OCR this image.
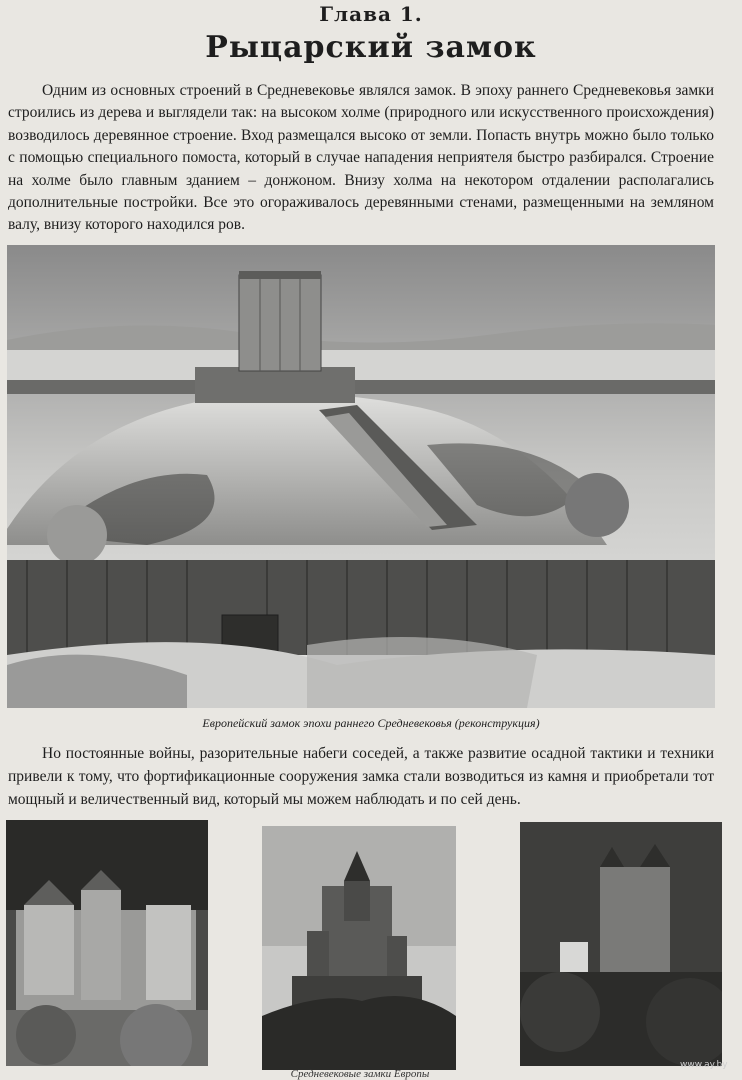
Глава 1.
Рыцарский замок

Одним из основных строений в Средневековье являлся замок. В эпоху раннего Средневековья замки строились из дерева и выглядели так: на высоком холме (природного или искусственного происхождения) возводилось деревянное строение. Вход размещался высоко от земли. Попасть внутрь можно было только с помощью специального помоста, который в случае нападения неприятеля быстро разбирался. Строение на холме было главным зданием – донжоном. Внизу холма на некотором отдалении располагались дополнительные постройки. Все это огораживалось деревянными стенами, размещенными на земляном валу, внизу которого находился ров.

Европейский замок эпохи раннего Средневековья (реконструкция)

Но постоянные войны, разорительные набеги соседей, а также развитие осадной тактики и техники привели к тому, что фортификационные сооружения замка стали возводиться из камня и приобретали тот мощный и величественный вид, который мы можем наблюдать и по сей день.

Средневековые замки Европы
www.ay.by
